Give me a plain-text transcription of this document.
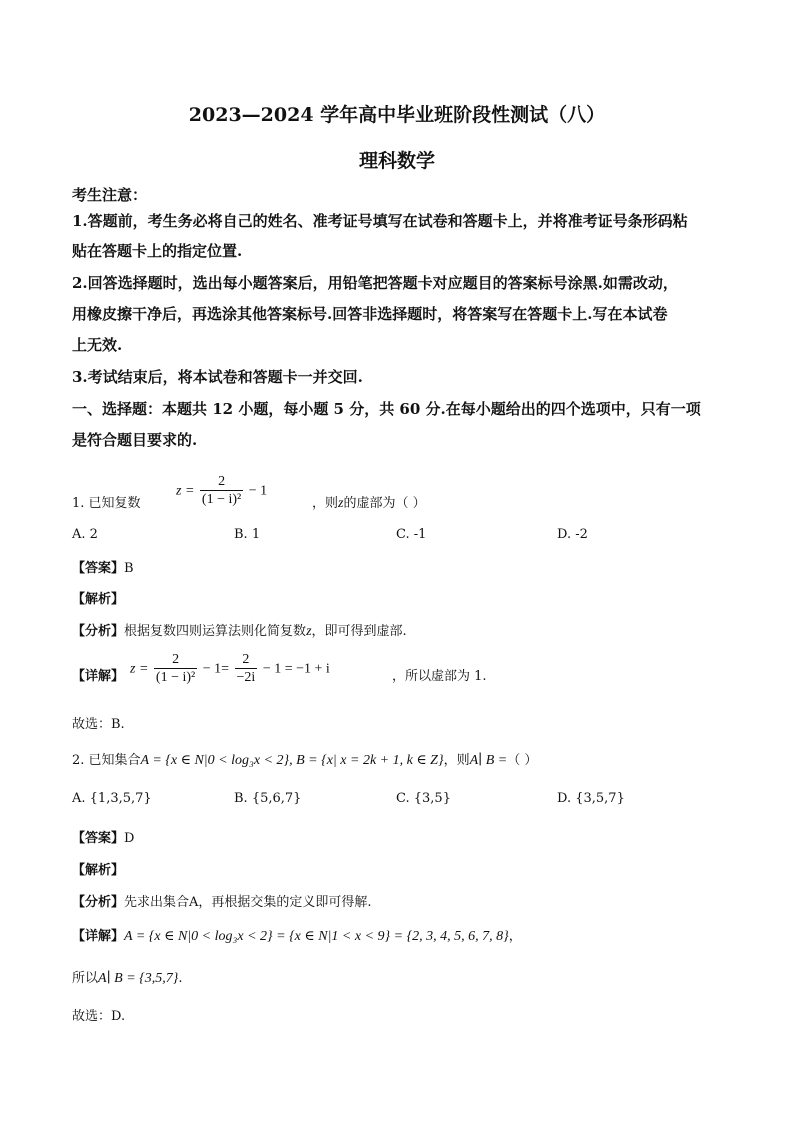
2023—2024 学年高中毕业班阶段性测试（八）
理科数学
考生注意：
1.答题前，考生务必将自己的姓名、准考证号填写在试卷和答题卡上，并将准考证号条形码粘
贴在答题卡上的指定位置.
2.回答选择题时，选出每小题答案后，用铅笔把答题卡对应题目的答案标号涂黑.如需改动，
用橡皮擦干净后，再选涂其他答案标号.回答非选择题时，将答案写在答题卡上.写在本试卷
上无效.
3.考试结束后，将本试卷和答题卡一并交回.
一、选择题：本题共 12 小题，每小题 5 分，共 60 分.在每小题给出的四个选项中，只有一项
是符合题目要求的.
1. 已知复数
$z = \frac{2}{\text{(1 − i)²}} - 1$
，则z的虚部为（ ）
A. 2	B. 1	C. -1	D. -2
【答案】B
【解析】
【分析】根据复数四则运算法则化简复数z，即可得到虚部.
【详解】 $z = \frac{2}{\text{(1 − i)²}} - 1= \frac{2}{-2i} - 1 = -1 + i$	，所以虚部为 1.
故选：B.
2. 已知集合A = {x ∈ N|0 < log₃x < 2}, B = {x| x = 2k + 1, k ∈ Z}，则A∣ B =（ ）
A. {1,3,5,7}	B. {5,6,7}	C. {3,5}	D. {3,5,7}
【答案】D
【解析】
【分析】先求出集合A，再根据交集的定义即可得解.
【详解】A = {x ∈ N|0 < log₃x < 2} = {x ∈ N|1 < x < 9} = {2, 3, 4, 5, 6, 7, 8}，
所以A∣ B = {3,5,7}.
故选：D.
